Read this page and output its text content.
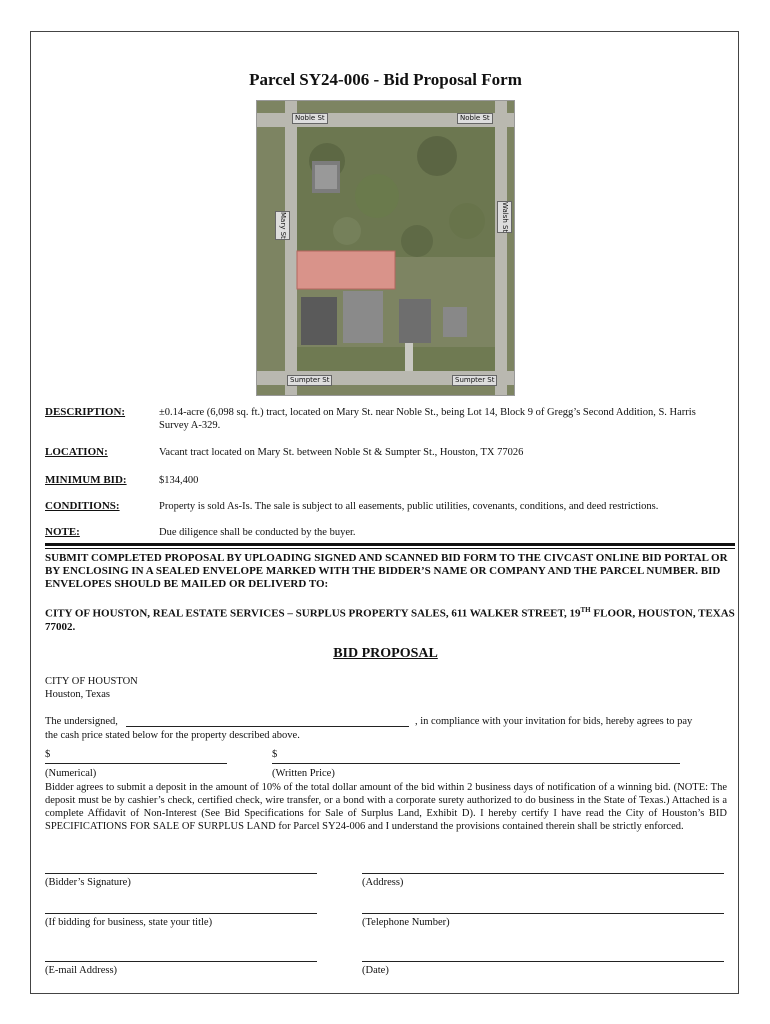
Parcel SY24-006 - Bid Proposal Form
Noble St	Noble St
Mary St	Walsh St
Sumpter St	Sumpter St
DESCRIPTION:	±0.14-acre (6,098 sq. ft.) tract, located on Mary St. near Noble St., being Lot 14, Block 9 of Gregg’s Second Addition, S. Harris Survey A-329.
LOCATION:	Vacant tract located on Mary St. between Noble St & Sumpter St., Houston, TX 77026
MINIMUM BID:	$134,400
CONDITIONS:	Property is sold As-Is. The sale is subject to all easements, public utilities, covenants, conditions, and deed restrictions.
NOTE:	Due diligence shall be conducted by the buyer.
SUBMIT COMPLETED PROPOSAL BY UPLOADING SIGNED AND SCANNED BID FORM TO THE CIVCAST ONLINE BID PORTAL OR BY ENCLOSING IN A SEALED ENVELOPE MARKED WITH THE BIDDER’S NAME OR COMPANY AND THE PARCEL NUMBER. BID ENVELOPES SHOULD BE MAILED OR DELIVERD TO:
CITY OF HOUSTON, REAL ESTATE SERVICES – SURPLUS PROPERTY SALES, 611 WALKER STREET, 19TH FLOOR, HOUSTON, TEXAS 77002.
BID PROPOSAL
CITY OF HOUSTON
Houston, Texas
The undersigned,	, in compliance with your invitation for bids, hereby agrees to pay
the cash price stated below for the property described above.
$	$
(Numerical)	(Written Price)
Bidder agrees to submit a deposit in the amount of 10% of the total dollar amount of the bid within 2 business days of notification of a winning bid. (NOTE: The deposit must be by cashier’s check, certified check, wire transfer, or a bond with a corporate surety authorized to do business in the State of Texas.) Attached is a complete Affidavit of Non-Interest (See Bid Specifications for Sale of Surplus Land, Exhibit D). I hereby certify I have read the City of Houston’s BID SPECIFICATIONS FOR SALE OF SURPLUS LAND for Parcel SY24-006 and I understand the provisions contained therein shall be strictly enforced.
(Bidder’s Signature)	(Address)
(If bidding for business, state your title)	(Telephone Number)
(E-mail Address)	(Date)
